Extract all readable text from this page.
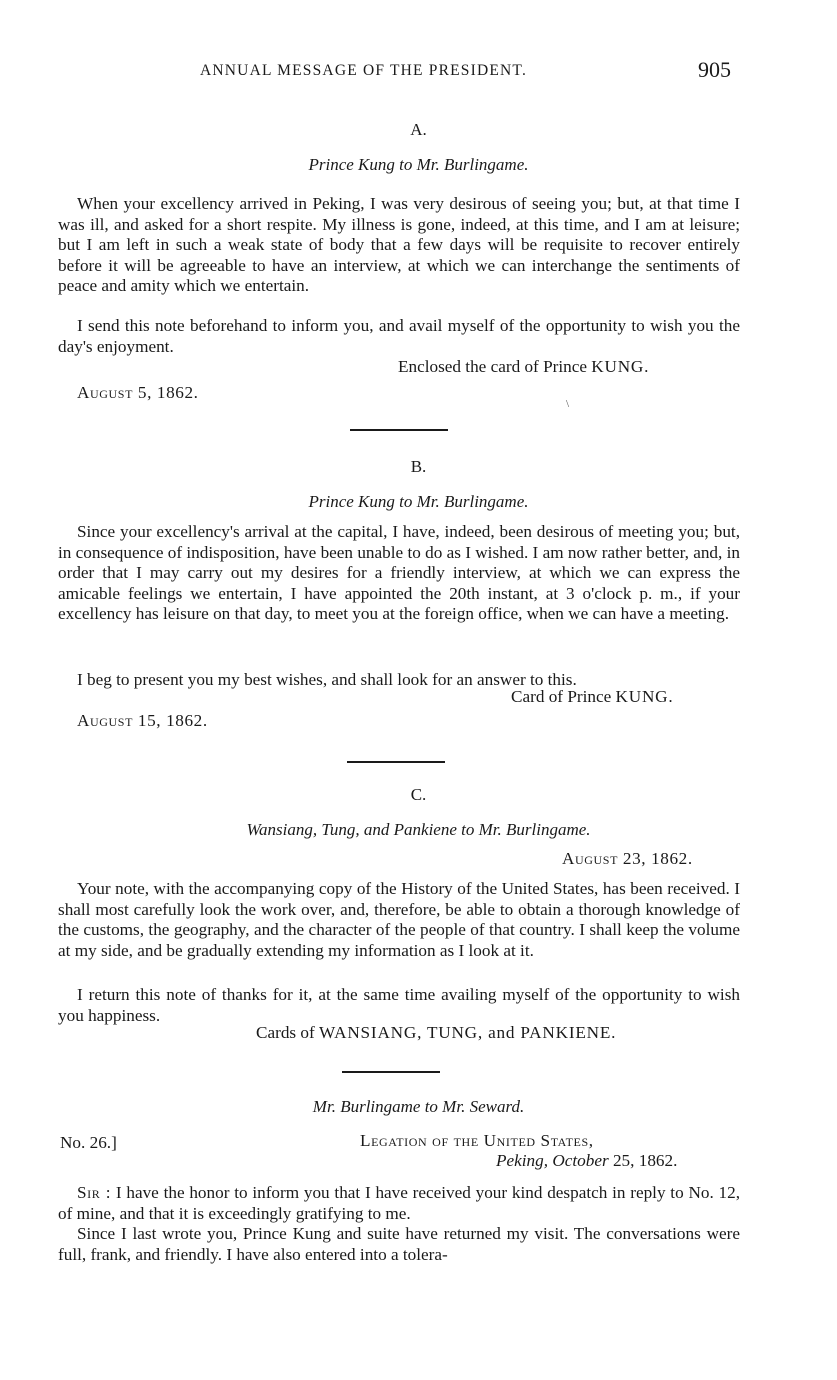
ANNUAL MESSAGE OF THE PRESIDENT.	905
A.
Prince Kung to Mr. Burlingame.

When your excellency arrived in Peking, I was very desirous of seeing you; but, at that time I was ill, and asked for a short respite. My illness is gone, indeed, at this time, and I am at leisure; but I am left in such a weak state of body that a few days will be requisite to recover entirely before it will be agreeable to have an interview, at which we can interchange the sentiments of peace and amity which we entertain.

I send this note beforehand to inform you, and avail myself of the opportunity to wish you the day's enjoyment.

Enclosed the card of Prince KUNG.
August 5, 1862.
\
B.
Prince Kung to Mr. Burlingame.

Since your excellency's arrival at the capital, I have, indeed, been desirous of meeting you; but, in consequence of indisposition, have been unable to do as I wished. I am now rather better, and, in order that I may carry out my desires for a friendly interview, at which we can express the amicable feelings we entertain, I have appointed the 20th instant, at 3 o'clock p. m., if your excellency has leisure on that day, to meet you at the foreign office, when we can have a meeting.

I beg to present you my best wishes, and shall look for an answer to this.

Card of Prince KUNG.
August 15, 1862.
C.
Wansiang, Tung, and Pankiene to Mr. Burlingame.
August 23, 1862.

Your note, with the accompanying copy of the History of the United States, has been received. I shall most carefully look the work over, and, therefore, be able to obtain a thorough knowledge of the customs, the geography, and the character of the people of that country. I shall keep the volume at my side, and be gradually extending my information as I look at it.

I return this note of thanks for it, at the same time availing myself of the opportunity to wish you happiness.

Cards of WANSIANG, TUNG, and PANKIENE.
Mr. Burlingame to Mr. Seward.
No. 26.]	Legation of the United States,
Peking, October 25, 1862.

Sir : I have the honor to inform you that I have received your kind despatch in reply to No. 12, of mine, and that it is exceedingly gratifying to me.

Since I last wrote you, Prince Kung and suite have returned my visit. The conversations were full, frank, and friendly. I have also entered into a tolera-
